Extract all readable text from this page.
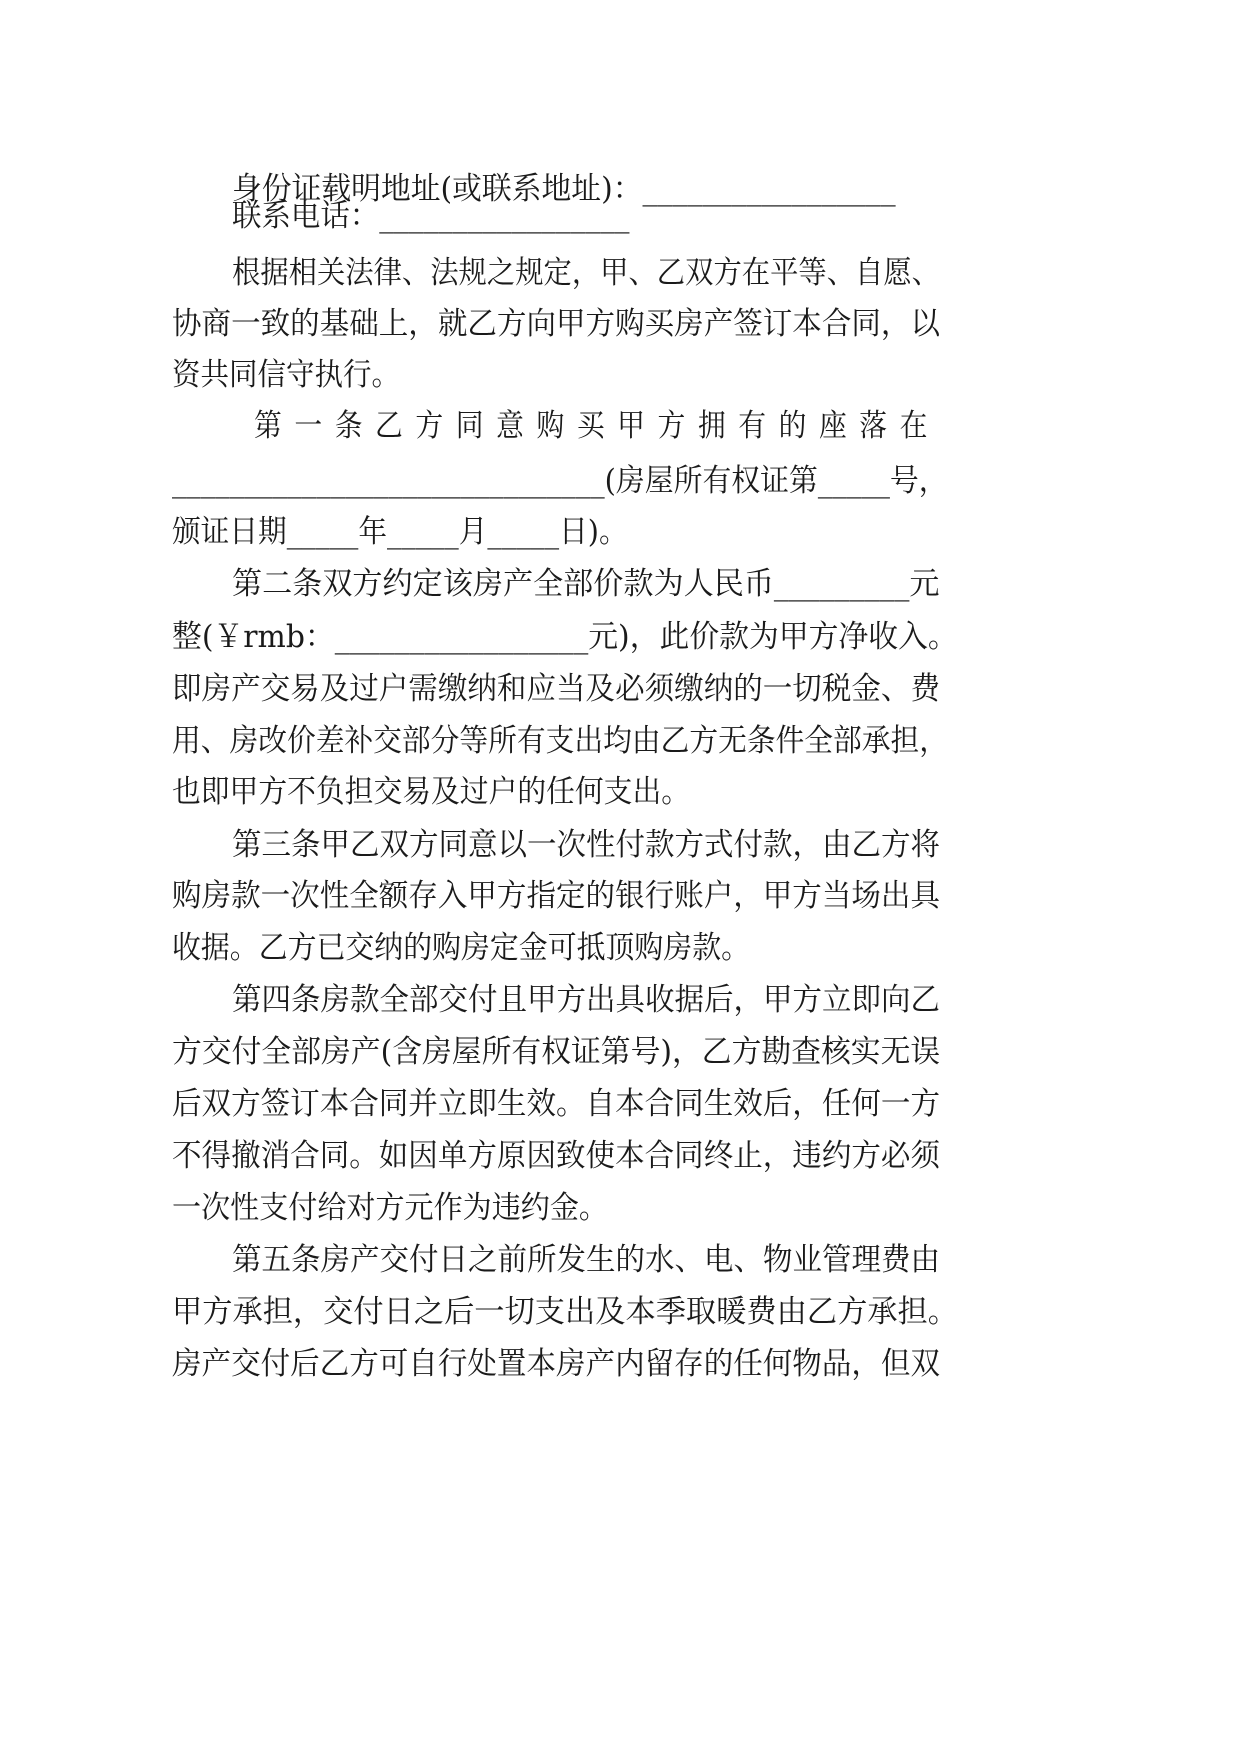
身份证载明地址(或联系地址)：_________________
联系电话：_________________
根据相关法律、法规之规定，甲、乙双方在平等、自愿、
协商一致的基础上，就乙方向甲方购买房产签订本合同，以
资共同信守执行。
第一条乙方同意购买甲方拥有的座落在
______________________________(房屋所有权证第_____号，
颁证日期_____年_____月_____日)。
第二条双方约定该房产全部价款为人民币_________元
整(￥rmb：_________________元)，此价款为甲方净收入。
即房产交易及过户需缴纳和应当及必须缴纳的一切税金、费
用、房改价差补交部分等所有支出均由乙方无条件全部承担，
也即甲方不负担交易及过户的任何支出。
第三条甲乙双方同意以一次性付款方式付款，由乙方将
购房款一次性全额存入甲方指定的银行账户，甲方当场出具
收据。乙方已交纳的购房定金可抵顶购房款。
第四条房款全部交付且甲方出具收据后，甲方立即向乙
方交付全部房产(含房屋所有权证第号)，乙方勘查核实无误
后双方签订本合同并立即生效。自本合同生效后，任何一方
不得撤消合同。如因单方原因致使本合同终止，违约方必须
一次性支付给对方元作为违约金。
第五条房产交付日之前所发生的水、电、物业管理费由
甲方承担，交付日之后一切支出及本季取暖费由乙方承担。
房产交付后乙方可自行处置本房产内留存的任何物品，但双
